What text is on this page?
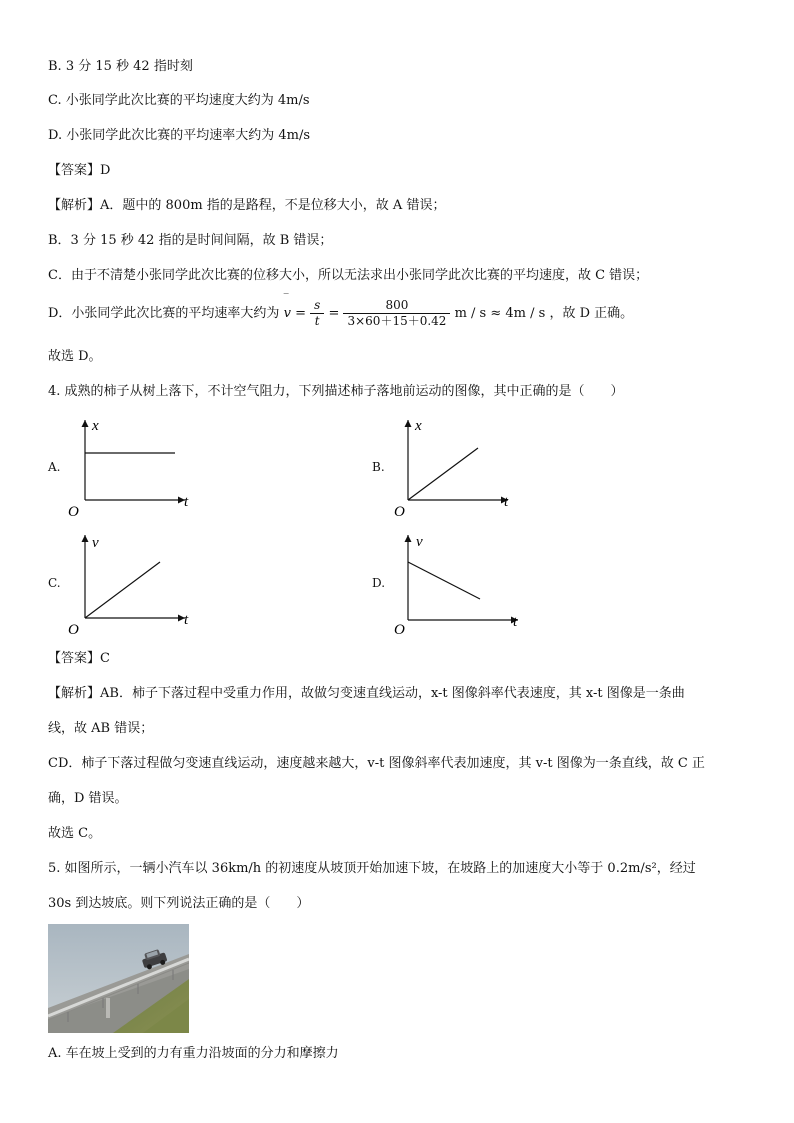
B. 3 分 15 秒 42 指时刻
C. 小张同学此次比赛的平均速度大约为 4m/s
D. 小张同学此次比赛的平均速率大约为 4m/s
【答案】D
【解析】A．题中的 800m 指的是路程，不是位移大小，故 A 错误；
B．3 分 15 秒 42 指的是时间间隔，故 B 错误；
C．由于不清楚小张同学此次比赛的位移大小，所以无法求出小张同学此次比赛的平均速度，故 C 错误；
D．小张同学此次比赛的平均速率大约为
‾
$v = \frac{s}{t} = \frac{800}{3\times 60+15+0.42}$ m / s ≈ 4m / s ，故 D 正确。
故选 D。
4. 成熟的柿子从树上落下，不计空气阻力，下列描述柿子落地前运动的图像，其中正确的是（　　）
A.
x
t
O
B.
x
t
O
C.
v
t
O
D.
v
t
O
【答案】C
【解析】AB．柿子下落过程中受重力作用，故做匀变速直线运动，x-t 图像斜率代表速度，其 x-t 图像是一条曲
线，故 AB 错误；
CD．柿子下落过程做匀变速直线运动，速度越来越大，v-t 图像斜率代表加速度，其 v-t 图像为一条直线，故 C 正
确，D 错误。
故选 C。
5. 如图所示，一辆小汽车以 36km/h 的初速度从坡顶开始加速下坡，在坡路上的加速度大小等于 0.2m/s²，经过
30s 到达坡底。则下列说法正确的是（　　）
A. 车在坡上受到的力有重力沿坡面的分力和摩擦力
